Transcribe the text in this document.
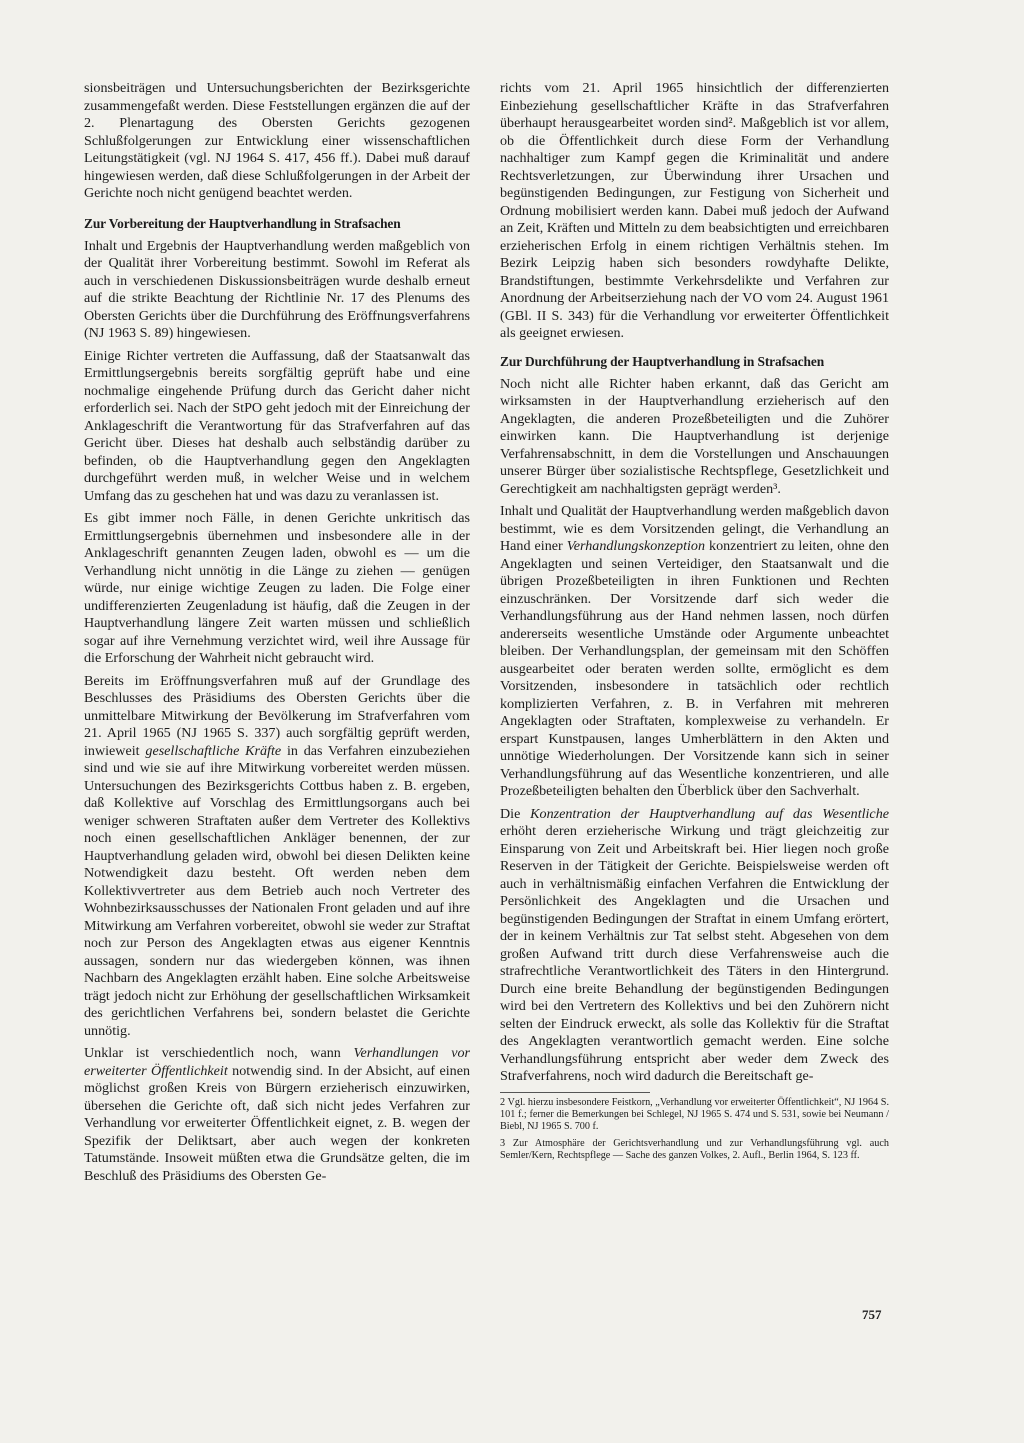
sionsbeiträgen und Untersuchungsberichten der Bezirksgerichte zusammengefaßt werden. Diese Feststellungen ergänzen die auf der 2. Plenartagung des Obersten Gerichts gezogenen Schlußfolgerungen zur Entwicklung einer wissenschaftlichen Leitungstätigkeit (vgl. NJ 1964 S. 417, 456 ff.). Dabei muß darauf hingewiesen werden, daß diese Schlußfolgerungen in der Arbeit der Gerichte noch nicht genügend beachtet werden.

Zur Vorbereitung der Hauptverhandlung in Strafsachen

Inhalt und Ergebnis der Hauptverhandlung werden maßgeblich von der Qualität ihrer Vorbereitung bestimmt. Sowohl im Referat als auch in verschiedenen Diskussionsbeiträgen wurde deshalb erneut auf die strikte Beachtung der Richtlinie Nr. 17 des Plenums des Obersten Gerichts über die Durchführung des Eröffnungsverfahrens (NJ 1963 S. 89) hingewiesen.

Einige Richter vertreten die Auffassung, daß der Staatsanwalt das Ermittlungsergebnis bereits sorgfältig geprüft habe und eine nochmalige eingehende Prüfung durch das Gericht daher nicht erforderlich sei. Nach der StPO geht jedoch mit der Einreichung der Anklageschrift die Verantwortung für das Strafverfahren auf das Gericht über. Dieses hat deshalb auch selbständig darüber zu befinden, ob die Hauptverhandlung gegen den Angeklagten durchgeführt werden muß, in welcher Weise und in welchem Umfang das zu geschehen hat und was dazu zu veranlassen ist.

Es gibt immer noch Fälle, in denen Gerichte unkritisch das Ermittlungsergebnis übernehmen und insbesondere alle in der Anklageschrift genannten Zeugen laden, obwohl es — um die Verhandlung nicht unnötig in die Länge zu ziehen — genügen würde, nur einige wichtige Zeugen zu laden. Die Folge einer undifferenzierten Zeugenladung ist häufig, daß die Zeugen in der Hauptverhandlung längere Zeit warten müssen und schließlich sogar auf ihre Vernehmung verzichtet wird, weil ihre Aussage für die Erforschung der Wahrheit nicht gebraucht wird.

Bereits im Eröffnungsverfahren muß auf der Grundlage des Beschlusses des Präsidiums des Obersten Gerichts über die unmittelbare Mitwirkung der Bevölkerung im Strafverfahren vom 21. April 1965 (NJ 1965 S. 337) auch sorgfältig geprüft werden, inwieweit gesellschaftliche Kräfte in das Verfahren einzubeziehen sind und wie sie auf ihre Mitwirkung vorbereitet werden müssen. Untersuchungen des Bezirksgerichts Cottbus haben z. B. ergeben, daß Kollektive auf Vorschlag des Ermittlungsorgans auch bei weniger schweren Straftaten außer dem Vertreter des Kollektivs noch einen gesellschaftlichen Ankläger benennen, der zur Hauptverhandlung geladen wird, obwohl bei diesen Delikten keine Notwendigkeit dazu besteht. Oft werden neben dem Kollektivvertreter aus dem Betrieb auch noch Vertreter des Wohnbezirksausschusses der Nationalen Front geladen und auf ihre Mitwirkung am Verfahren vorbereitet, obwohl sie weder zur Straftat noch zur Person des Angeklagten etwas aus eigener Kenntnis aussagen, sondern nur das wiedergeben können, was ihnen Nachbarn des Angeklagten erzählt haben. Eine solche Arbeitsweise trägt jedoch nicht zur Erhöhung der gesellschaftlichen Wirksamkeit des gerichtlichen Verfahrens bei, sondern belastet die Gerichte unnötig.

Unklar ist verschiedentlich noch, wann Verhandlungen vor erweiterter Öffentlichkeit notwendig sind. In der Absicht, auf einen möglichst großen Kreis von Bürgern erzieherisch einzuwirken, übersehen die Gerichte oft, daß sich nicht jedes Verfahren zur Verhandlung vor erweiterter Öffentlichkeit eignet, z. B. wegen der Spezifik der Deliktsart, aber auch wegen der konkreten Tatumstände. Insoweit müßten etwa die Grundsätze gelten, die im Beschluß des Präsidiums des Obersten Ge-

richts vom 21. April 1965 hinsichtlich der differenzierten Einbeziehung gesellschaftlicher Kräfte in das Strafverfahren überhaupt herausgearbeitet worden sind². Maßgeblich ist vor allem, ob die Öffentlichkeit durch diese Form der Verhandlung nachhaltiger zum Kampf gegen die Kriminalität und andere Rechtsverletzungen, zur Überwindung ihrer Ursachen und begünstigenden Bedingungen, zur Festigung von Sicherheit und Ordnung mobilisiert werden kann. Dabei muß jedoch der Aufwand an Zeit, Kräften und Mitteln zu dem beabsichtigten und erreichbaren erzieherischen Erfolg in einem richtigen Verhältnis stehen. Im Bezirk Leipzig haben sich besonders rowdyhafte Delikte, Brandstiftungen, bestimmte Verkehrsdelikte und Verfahren zur Anordnung der Arbeitserziehung nach der VO vom 24. August 1961 (GBl. II S. 343) für die Verhandlung vor erweiterter Öffentlichkeit als geeignet erwiesen.

Zur Durchführung der Hauptverhandlung in Strafsachen

Noch nicht alle Richter haben erkannt, daß das Gericht am wirksamsten in der Hauptverhandlung erzieherisch auf den Angeklagten, die anderen Prozeßbeteiligten und die Zuhörer einwirken kann. Die Hauptverhandlung ist derjenige Verfahrensabschnitt, in dem die Vorstellungen und Anschauungen unserer Bürger über sozialistische Rechtspflege, Gesetzlichkeit und Gerechtigkeit am nachhaltigsten geprägt werden³.

Inhalt und Qualität der Hauptverhandlung werden maßgeblich davon bestimmt, wie es dem Vorsitzenden gelingt, die Verhandlung an Hand einer Verhandlungskonzeption konzentriert zu leiten, ohne den Angeklagten und seinen Verteidiger, den Staatsanwalt und die übrigen Prozeßbeteiligten in ihren Funktionen und Rechten einzuschränken. Der Vorsitzende darf sich weder die Verhandlungsführung aus der Hand nehmen lassen, noch dürfen andererseits wesentliche Umstände oder Argumente unbeachtet bleiben. Der Verhandlungsplan, der gemeinsam mit den Schöffen ausgearbeitet oder beraten werden sollte, ermöglicht es dem Vorsitzenden, insbesondere in tatsächlich oder rechtlich komplizierten Verfahren, z. B. in Verfahren mit mehreren Angeklagten oder Straftaten, komplexweise zu verhandeln. Er erspart Kunstpausen, langes Umherblättern in den Akten und unnötige Wiederholungen. Der Vorsitzende kann sich in seiner Verhandlungsführung auf das Wesentliche konzentrieren, und alle Prozeßbeteiligten behalten den Überblick über den Sachverhalt.

Die Konzentration der Hauptverhandlung auf das Wesentliche erhöht deren erzieherische Wirkung und trägt gleichzeitig zur Einsparung von Zeit und Arbeitskraft bei. Hier liegen noch große Reserven in der Tätigkeit der Gerichte. Beispielsweise werden oft auch in verhältnismäßig einfachen Verfahren die Entwicklung der Persönlichkeit des Angeklagten und die Ursachen und begünstigenden Bedingungen der Straftat in einem Umfang erörtert, der in keinem Verhältnis zur Tat selbst steht. Abgesehen von dem großen Aufwand tritt durch diese Verfahrensweise auch die strafrechtliche Verantwortlichkeit des Täters in den Hintergrund. Durch eine breite Behandlung der begünstigenden Bedingungen wird bei den Vertretern des Kollektivs und bei den Zuhörern nicht selten der Eindruck erweckt, als solle das Kollektiv für die Straftat des Angeklagten verantwortlich gemacht werden. Eine solche Verhandlungsführung entspricht aber weder dem Zweck des Strafverfahrens, noch wird dadurch die Bereitschaft ge-

2 Vgl. hierzu insbesondere Feistkorn, „Verhandlung vor erweiterter Öffentlichkeit“, NJ 1964 S. 101 f.; ferner die Bemerkungen bei Schlegel, NJ 1965 S. 474 und S. 531, sowie bei Neumann / Biebl, NJ 1965 S. 700 f.

3 Zur Atmosphäre der Gerichtsverhandlung und zur Verhandlungsführung vgl. auch Semler/Kern, Rechtspflege — Sache des ganzen Volkes, 2. Aufl., Berlin 1964, S. 123 ff.

757
